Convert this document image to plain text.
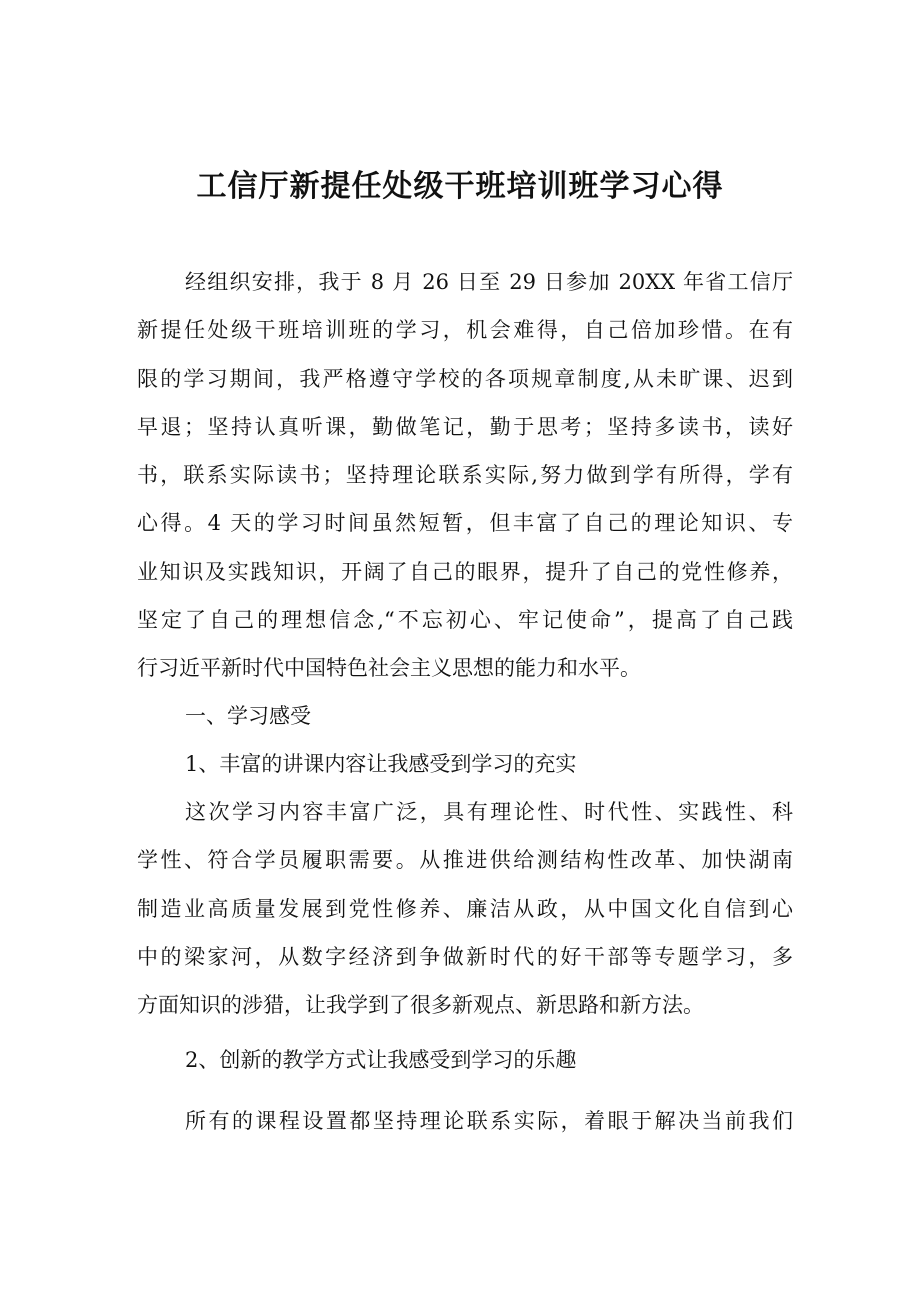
工信厅新提任处级干班培训班学习心得
经组织安排，我于 8 月 26 日至 29 日参加 20XX 年省工信厅
新提任处级干班培训班的学习，机会难得，自己倍加珍惜。在有
限的学习期间，我严格遵守学校的各项规章制度,从未旷课、迟到
早退；坚持认真听课，勤做笔记，勤于思考；坚持多读书，读好
书，联系实际读书；坚持理论联系实际,努力做到学有所得，学有
心得。4 天的学习时间虽然短暂，但丰富了自己的理论知识、专
业知识及实践知识，开阔了自己的眼界，提升了自己的党性修养，
坚定了自己的理想信念,“不忘初心、牢记使命”，提高了自己践
行习近平新时代中国特色社会主义思想的能力和水平。
一、学习感受
1、丰富的讲课内容让我感受到学习的充实
这次学习内容丰富广泛，具有理论性、时代性、实践性、科
学性、符合学员履职需要。从推进供给测结构性改革、加快湖南
制造业高质量发展到党性修养、廉洁从政，从中国文化自信到心
中的梁家河，从数字经济到争做新时代的好干部等专题学习，多
方面知识的涉猎，让我学到了很多新观点、新思路和新方法。
2、创新的教学方式让我感受到学习的乐趣
所有的课程设置都坚持理论联系实际，着眼于解决当前我们
